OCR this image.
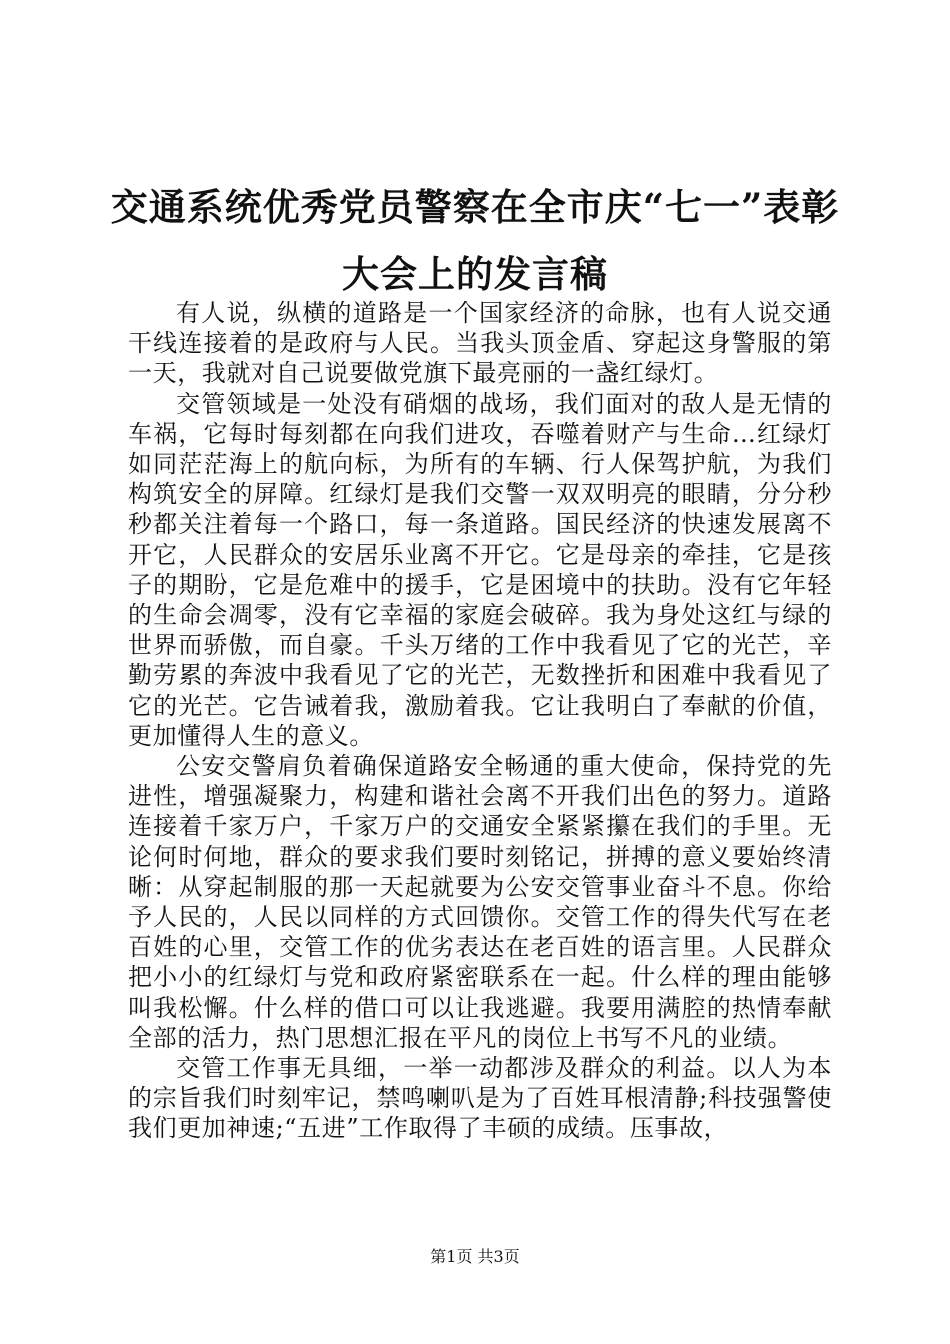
交通系统优秀党员警察在全市庆“七一”表彰
大会上的发言稿

有人说，纵横的道路是一个国家经济的命脉，也有人说交通干线连接着的是政府与人民。当我头顶金盾、穿起这身警服的第一天，我就对自己说要做党旗下最亮丽的一盏红绿灯。

交管领域是一处没有硝烟的战场，我们面对的敌人是无情的车祸，它每时每刻都在向我们进攻，吞噬着财产与生命…红绿灯如同茫茫海上的航向标，为所有的车辆、行人保驾护航，为我们构筑安全的屏障。红绿灯是我们交警一双双明亮的眼睛，分分秒秒都关注着每一个路口，每一条道路。国民经济的快速发展离不开它，人民群众的安居乐业离不开它。它是母亲的牵挂，它是孩子的期盼，它是危难中的援手，它是困境中的扶助。没有它年轻的生命会凋零，没有它幸福的家庭会破碎。我为身处这红与绿的世界而骄傲，而自豪。千头万绪的工作中我看见了它的光芒，辛勤劳累的奔波中我看见了它的光芒，无数挫折和困难中我看见了它的光芒。它告诫着我，激励着我。它让我明白了奉献的价值，更加懂得人生的意义。

公安交警肩负着确保道路安全畅通的重大使命，保持党的先进性，增强凝聚力，构建和谐社会离不开我们出色的努力。道路连接着千家万户，千家万户的交通安全紧紧攥在我们的手里。无论何时何地，群众的要求我们要时刻铭记，拼搏的意义要始终清晰：从穿起制服的那一天起就要为公安交管事业奋斗不息。你给予人民的，人民以同样的方式回馈你。交管工作的得失代写在老百姓的心里，交管工作的优劣表达在老百姓的语言里。人民群众把小小的红绿灯与党和政府紧密联系在一起。什么样的理由能够叫我松懈。什么样的借口可以让我逃避。我要用满腔的热情奉献全部的活力，热门思想汇报在平凡的岗位上书写不凡的业绩。

交管工作事无具细，一举一动都涉及群众的利益。以人为本的宗旨我们时刻牢记，禁鸣喇叭是为了百姓耳根清静;科技强警使我们更加神速;“五进”工作取得了丰硕的成绩。压事故，

第1页 共3页
